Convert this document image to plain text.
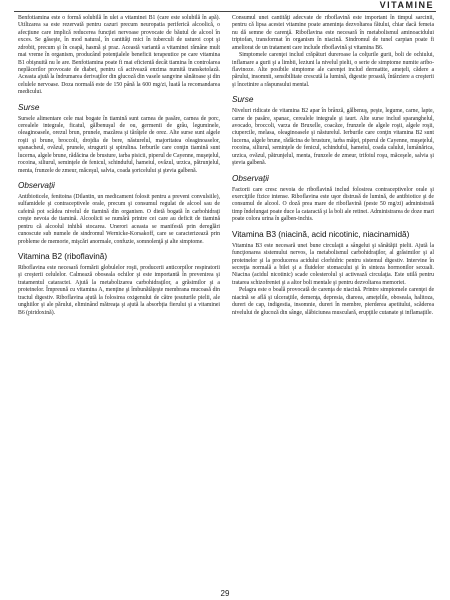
VITAMINE

Benfotiamina este o formă solubilă în ulei a vitaminei B1 (care este solubilă în apă). Utilizarea sa este rezervată pentru cazuri precum neuropatia periferică alcoolică, o afecţiune care implică reducerea funcţiei nervoase provocate de băutul de alcool în exces. Se găseşte, în mod natural, în cantităţi mici în tuberculi de usturoi copt şi zdrobit, precum şi în ceapă, hasmă şi praz. Această variantă a vitaminei rămâne mult mai vreme în organism, producând potenţialele beneficii terapeutice pe care vitamina B1 obişnuită nu le are. Benfotiamina poate fi mai eficientă decât tiamina în controlarea neplăcerilor provocate de diabet, pentru că activează enzima numită transketolază. Aceasta ajută la îndrumarea derivaţilor din glucoză din vasele sangvine sănătoase şi din celulele nervoase. Doza normală este de 150 până la 600 mg/zi, luată la recomandarea medicului.

Surse

Sursele alimentare cele mai bogate în tiamină sunt carnea de pasăre, carnea de porc, cerealele integrale, ficatul, gălbenuşul de ou, germenii de grâu, leguminele, oleaginoasele, orezul brun, prunele, mazărea şi tărâţele de orez. Alte surse sunt algele roşii şi brune, broccoli, drojdia de bere, năsturelul, majoritatea oleaginoaselor, spanacheul, ovăzul, prunele, strugurii şi spirulina. Ierburile care conţin tiamină sunt lucerna, algele brune, rădăcina de brusture, iarba pisicii, piperul de Cayenne, muşeţelul, rocoina, siliurul, seminţele de fenicul, schinduful, hameiul, ovăzul, urzica, pătrunjelul, menta, frunzele de zmeur, măceşul, salvia, coada şoricelului şi ştevia galbenă.

Observaţii

Antibioticele, fenitoina (Dilantin, un medicament folosit pentru a preveni convulsiile), sulfamidele şi contraceptivele orale, precum şi consumul regulat de alcool sau de cafeină pot scădea nivelul de tiamină din organism. O dietă bogată în carbohidraţi creşte nevoia de tiamină. Alcoolicii se numără printre cei care au deficit de tiamină pentru că alcoolul inhibă stocarea. Unerori aceasta se manifestă prin dereglări cunoscute sub numele de sindromul Wernicke-Korsakoff, care se caracterizează prin probleme de memorie, mişcări anormale, confuzie, somnolenţă şi alte simptome.

Vitamina B2 (riboflavină)

Riboflavina este necesară formării globulelor roşii, producerii anticorpilor respiratorii şi creşterii celulelor. Calmează oboseala ochilor şi este importantă în prevenirea şi tratamentul cataractei. Ajută la metabolizarea carbohidraţilor, a grăsimilor şi a proteinelor. Împreună cu vitamina A, menţine şi îmbunătăţeşte membrana mucoasă din tractul digestiv. Riboflavina ajută la folosirea oxigenului de către ţesuturile pielii, ale unghiilor şi ale părului, eliminând mătreaţa şi ajută la absorbţia fierului şi a vitaminei B6 (piridoxină).

Consumul unei cantităţi adecvate de riboflavină este important în timpul sarcinii, pentru că lipsa acestei vitamine poate ameninţa dezvoltarea fătului, chiar dacă femeia nu dă semne de carenţă. Riboflavina este necesară în metabolismul aminoacidului triptofan, transformat în organism în niacină. Sindromul de tunel carpian poate fi ameliorat de un tratament care include riboflavină şi vitamina B6.

Simptomele carenţei includ crăpături dureroase la colţurile gurii, boli de ochiului, inflamare a gurii şi a limbii, leziuni la nivelul pielii, o serie de simptome numite aribo-flavinoze. Alte posibile simptome ale carenţei includ dermatite, ameţeli, cădere a părului, insomnii, sensibilitate crescută la lumină, digestie proastă, întârziere a creşterii şi încetinire a răspunsului mental.

Surse

Niveluri ridicate de vitamina B2 apar în brânză, gălbenuş, peşte, legume, carne, lapte, carne de pasăre, spanac, cerealele integrale şi iaurt. Alte surse includ sparanghelul, avocado, broccoli, varza de Bruxelle, coacăze, frunzele de algele roşii, algele roşii, ciupercile, melasa, oleaginoasele şi năsturelul. Ierburile care conţin vitamina B2 sunt lucerna, algele brune, rădăcina de brusture, iarba mâţei, piperul de Cayenne, muşeţelul, rocoina, siliurul, seminţele de fenicul, schinduful, hameiul, coada calului, lumânărica, urzica, ovăzul, pătrunjelul, menta, frunzele de zmeur, trifoiul roşu, măceşele, salvia şi ştevia galbenă.

Observaţii

Factorii care cresc nevoia de riboflavină includ folosirea contraceptivelor orale şi exerciţiile fizice intense. Riboflavina este uşor distrusă de lumină, de antibiotice şi de consumul de alcool. O doză prea mare de riboflavină (peste 50 mg/zi) administrată timp îndelungat poate duce la cataractă şi la boli ale retinei. Administrarea de doze mari poate colora urina în galben-inchis.

Vitamina B3 (niacină, acid nicotinic, niacinamidă)

Vitamina B3 este necesară unei bune circulaţii a sângelui şi sănătăţii pielii. Ajută la funcţionarea sistemului nervos, la metabolismul carbohidraţilor, al grăsimilor şi al proteinelor şi la producerea acidului clorhidric pentru sistemul digestiv. Intervine în secreţia normală a bilei şi a fluidelor stomacului şi în sinteza hormonilor sexuali. Niacina (acidul nicotinic) scade colesterolul şi activează circulaţia. Este utilă pentru tratarea schizofreniei şi a altor boli mentale şi pentru dezvoltarea memoriei.

Pelagra este o boală provocată de carenţa de niacină. Printre simptomele carenţei de niacină se află şi ulceraţiile, demenţa, depresia, diareea, ameţelile, oboseala, halitoza, dureri de cap, indigestia, insomnie, dureri în membre, pierderea apetitului, scăderea nivelului de glucoză din sânge, slăbiciunea musculară, erupţiile cutanate şi inflamaţiile.

29
